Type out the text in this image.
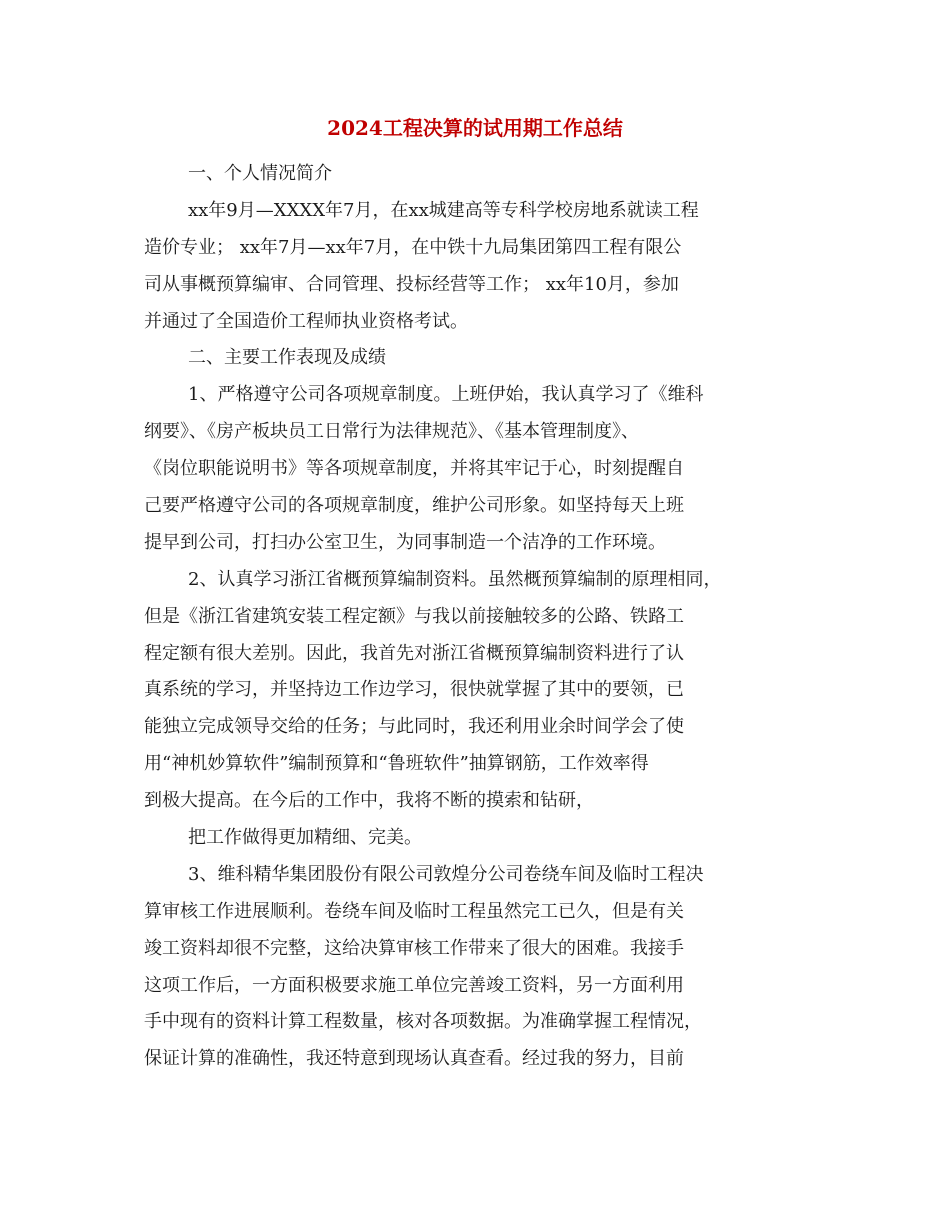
2024工程决算的试用期工作总结

一、个人情况简介

xx年9月—XXXX年7月，在xx城建高等专科学校房地系就读工程

造价专业； xx年7月—xx年7月，在中铁十九局集团第四工程有限公

司从事概预算编审、合同管理、投标经营等工作； xx年10月，参加

并通过了全国造价工程师执业资格考试。

二、主要工作表现及成绩

1、严格遵守公司各项规章制度。上班伊始，我认真学习了《维科

纲要》、《房产板块员工日常行为法律规范》、《基本管理制度》、

《岗位职能说明书》等各项规章制度，并将其牢记于心，时刻提醒自

己要严格遵守公司的各项规章制度，维护公司形象。如坚持每天上班

提早到公司，打扫办公室卫生，为同事制造一个洁净的工作环境。

2、认真学习浙江省概预算编制资料。虽然概预算编制的原理相同，

但是《浙江省建筑安装工程定额》与我以前接触较多的公路、铁路工

程定额有很大差别。因此，我首先对浙江省概预算编制资料进行了认

真系统的学习，并坚持边工作边学习，很快就掌握了其中的要领，已

能独立完成领导交给的任务；与此同时，我还利用业余时间学会了使

用“神机妙算软件”编制预算和“鲁班软件”抽算钢筋，工作效率得

到极大提高。在今后的工作中，我将不断的摸索和钻研，

把工作做得更加精细、完美。

3、维科精华集团股份有限公司敦煌分公司卷绕车间及临时工程决

算审核工作进展顺利。卷绕车间及临时工程虽然完工已久，但是有关

竣工资料却很不完整，这给决算审核工作带来了很大的困难。我接手

这项工作后，一方面积极要求施工单位完善竣工资料，另一方面利用

手中现有的资料计算工程数量，核对各项数据。为准确掌握工程情况，

保证计算的准确性，我还特意到现场认真查看。经过我的努力，目前
